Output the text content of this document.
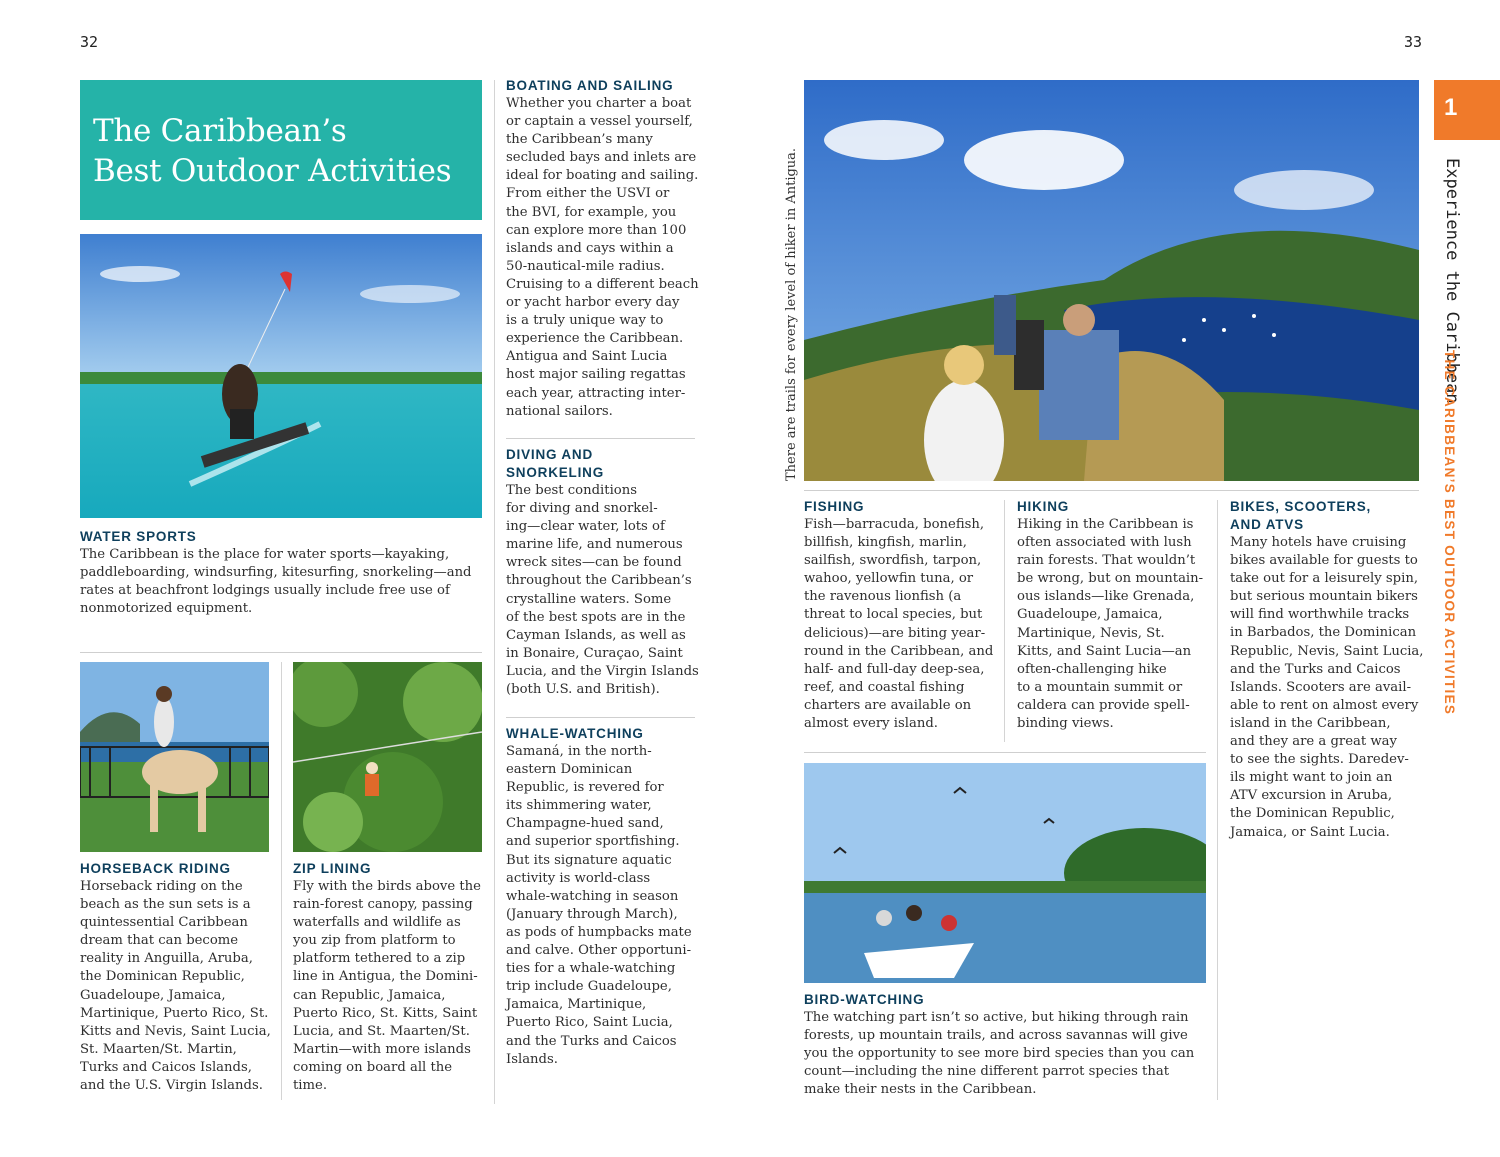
32	33
The Caribbean’s
Best Outdoor Activities
WATER SPORTS
The Caribbean is the place for water sports—kayaking,
paddleboarding, windsurfing, kitesurfing, snorkeling—and
rates at beachfront lodgings usually include free use of
nonmotorized equipment.
HORSEBACK RIDING
Horseback riding on the
beach as the sun sets is a
quintessential Caribbean
dream that can become
reality in Anguilla, Aruba,
the Dominican Republic,
Guadeloupe, Jamaica,
Martinique, Puerto Rico, St.
Kitts and Nevis, Saint Lucia,
St. Maarten/St. Martin,
Turks and Caicos Islands,
and the U.S. Virgin Islands.
ZIP LINING
Fly with the birds above the
rain-forest canopy, passing
waterfalls and wildlife as
you zip from platform to
platform tethered to a zip
line in Antigua, the Domini-
can Republic, Jamaica,
Puerto Rico, St. Kitts, Saint
Lucia, and St. Maarten/St.
Martin—with more islands
coming on board all the
time.
BOATING AND SAILING
Whether you charter a boat
or captain a vessel yourself,
the Caribbean’s many
secluded bays and inlets are
ideal for boating and sailing.
From either the USVI or
the BVI, for example, you
can explore more than 100
islands and cays within a
50-nautical-mile radius.
Cruising to a different beach
or yacht harbor every day
is a truly unique way to
experience the Caribbean.
Antigua and Saint Lucia
host major sailing regattas
each year, attracting inter-
national sailors.
DIVING AND
SNORKELING
The best conditions
for diving and snorkel-
ing—clear water, lots of
marine life, and numerous
wreck sites—can be found
throughout the Caribbean’s
crystalline waters. Some
of the best spots are in the
Cayman Islands, as well as
in Bonaire, Curaçao, Saint
Lucia, and the Virgin Islands
(both U.S. and British).
WHALE-WATCHING
Samaná, in the north-
eastern Dominican
Republic, is revered for
its shimmering water,
Champagne-hued sand,
and superior sportfishing.
But its signature aquatic
activity is world-class
whale-watching in season
(January through March),
as pods of humpbacks mate
and calve. Other opportuni-
ties for a whale-watching
trip include Guadeloupe,
Jamaica, Martinique,
Puerto Rico, Saint Lucia,
and the Turks and Caicos
Islands.
There are trails for every level of hiker in Antigua.
FISHING
Fish—barracuda, bonefish,
billfish, kingfish, marlin,
sailfish, swordfish, tarpon,
wahoo, yellowfin tuna, or
the ravenous lionfish (a
threat to local species, but
delicious)—are biting year-
round in the Caribbean, and
half- and full-day deep-sea,
reef, and coastal fishing
charters are available on
almost every island.
HIKING
Hiking in the Caribbean is
often associated with lush
rain forests. That wouldn’t
be wrong, but on mountain-
ous islands—like Grenada,
Guadeloupe, Jamaica,
Martinique, Nevis, St.
Kitts, and Saint Lucia—an
often-challenging hike
to a mountain summit or
caldera can provide spell-
binding views.
BIKES, SCOOTERS,
AND ATVS
Many hotels have cruising
bikes available for guests to
take out for a leisurely spin,
but serious mountain bikers
will find worthwhile tracks
in Barbados, the Dominican
Republic, Nevis, Saint Lucia,
and the Turks and Caicos
Islands. Scooters are avail-
able to rent on almost every
island in the Caribbean,
and they are a great way
to see the sights. Daredev-
ils might want to join an
ATV excursion in Aruba,
the Dominican Republic,
Jamaica, or Saint Lucia.
BIRD-WATCHING
The watching part isn’t so active, but hiking through rain
forests, up mountain trails, and across savannas will give
you the opportunity to see more bird species than you can
count—including the nine different parrot species that
make their nests in the Caribbean.
1
Experience the Caribbean
THE CARIBBEAN’S BEST OUTDOOR ACTIVITIES
